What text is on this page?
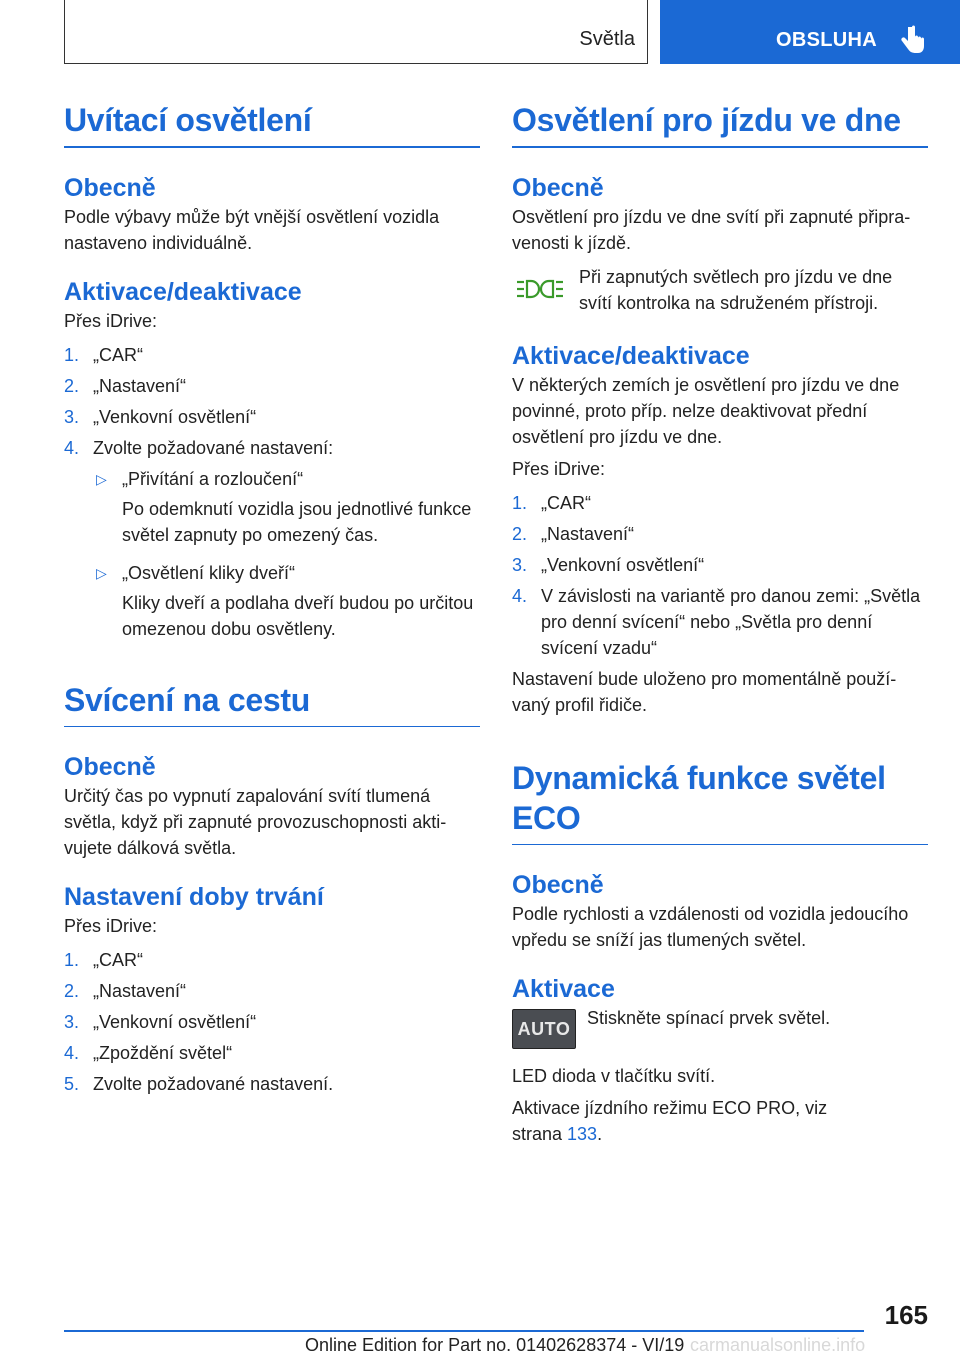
Světla	OBSLUHA
Uvítací osvětlení
Obecně

Podle výbavy může být vnější osvětlení vozidla nastaveno individuálně.

Aktivace/deaktivace

Přes iDrive:

1. „CAR“
2. „Nastavení“
3. „Venkovní osvětlení“
4. Zvolte požadované nastavení:
▷ „Přivítání a rozloučení“
Po odemknutí vozidla jsou jednotlivé funkce světel zapnuty po omezený čas.
▷ „Osvětlení kliky dveří“
Kliky dveří a podlaha dveří budou po určitou omezenou dobu osvětleny.
Svícení na cestu
Obecně

Určitý čas po vypnutí zapalování svítí tlumená světla, když při zapnuté provozuschopnosti aktivujete dálková světla.

Nastavení doby trvání

Přes iDrive:

1. „CAR“
2. „Nastavení“
3. „Venkovní osvětlení“
4. „Zpoždění světel“
5. Zvolte požadované nastavení.
Osvětlení pro jízdu ve dne
Obecně

Osvětlení pro jízdu ve dne svítí při zapnuté připravenosti k jízdě.

Při zapnutých světlech pro jízdu ve dne svítí kontrolka na sdruženém přístroji.

Aktivace/deaktivace

V některých zemích je osvětlení pro jízdu ve dne povinné, proto příp. nelze deaktivovat přední osvětlení pro jízdu ve dne.

Přes iDrive:

1. „CAR“
2. „Nastavení“
3. „Venkovní osvětlení“
4. V závislosti na variantě pro danou zemi: „Světla pro denní svícení“ nebo „Světla pro denní svícení vzadu“

Nastavení bude uloženo pro momentálně používaný profil řidiče.

Dynamická funkce světel ECO
Obecně

Podle rychlosti a vzdálenosti od vozidla jedoucího vpředu se sníží jas tlumených světel.

Aktivace
AUTO

Stiskněte spínací prvek světel.

LED dioda v tlačítku svítí.

Aktivace jízdního režimu ECO PRO, viz strana 133.

165
Online Edition for Part no. 01402628374 - VI/19 carmanualsonline.info
